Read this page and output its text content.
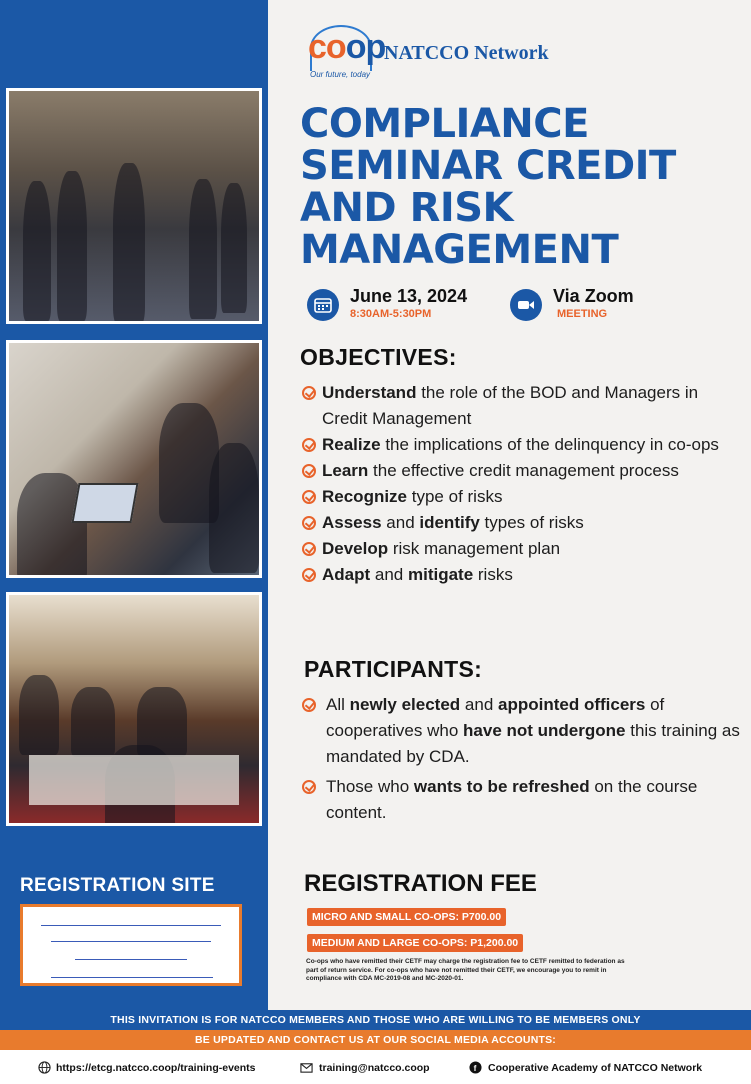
REGISTRATION SITE
coop
NATCCO Network
Our future, today
COMPLIANCE
SEMINAR CREDIT
AND RISK
MANAGEMENT
June 13, 2024
8:30AM-5:30PM
Via Zoom
MEETING
OBJECTIVES:
Understand the role of the BOD and Managers in Credit Management
Realize the implications of the delinquency in co-ops
Learn the effective credit management process
Recognize type of risks
Assess and identify types of risks
Develop risk management plan
Adapt and mitigate risks
PARTICIPANTS:
All newly elected and appointed officers of cooperatives who have not undergone this training as mandated by CDA.
Those who wants to be refreshed on the course content.
REGISTRATION FEE
MICRO AND SMALL CO-OPS: P700.00
MEDIUM AND LARGE CO-OPS: P1,200.00
Co-ops who have remitted their CETF may charge the registration fee to CETF remitted to federation as part of return service. For co-ops who have not remitted their CETF, we encourage you to remit in compliance with CDA MC-2019-08 and MC-2020-01.
THIS INVITATION IS FOR NATCCO MEMBERS AND THOSE WHO ARE WILLING TO BE MEMBERS ONLY
BE UPDATED AND CONTACT US AT OUR SOCIAL MEDIA ACCOUNTS:
https://etcg.natcco.coop/training-events	training@natcco.coop	f Cooperative Academy of NATCCO Network
